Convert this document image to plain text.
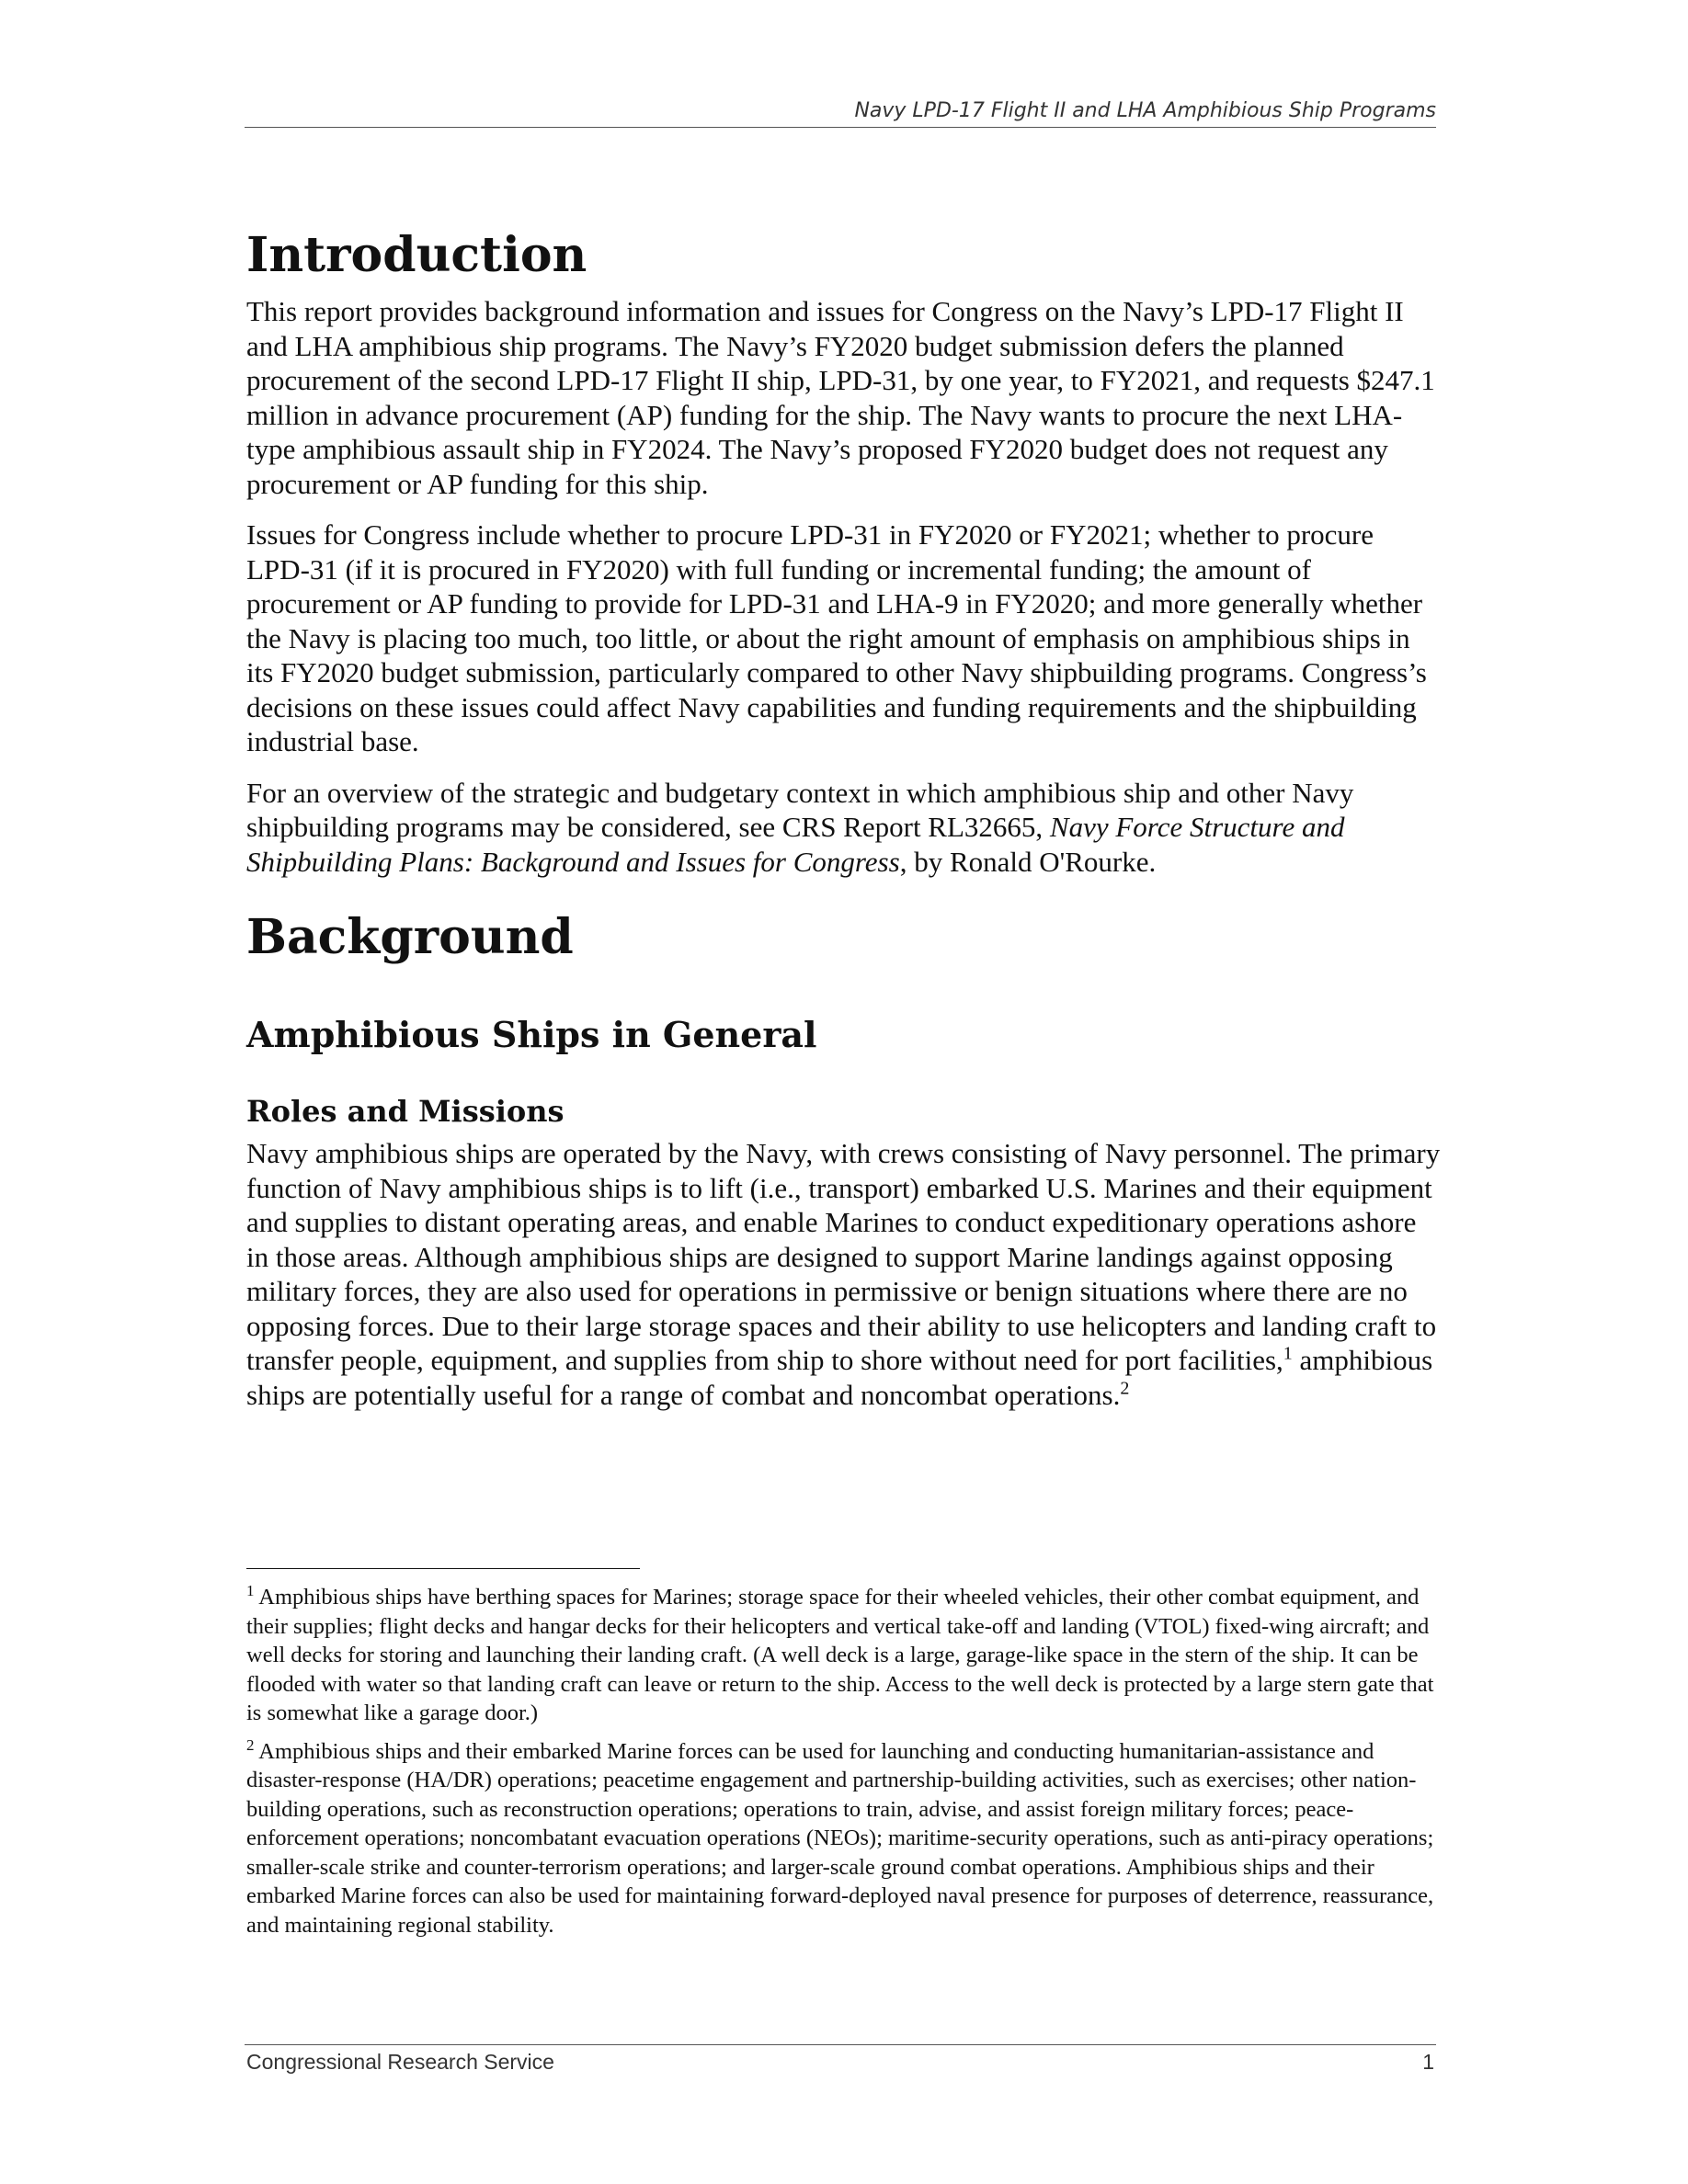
Navy LPD-17 Flight II and LHA Amphibious Ship Programs
Introduction

This report provides background information and issues for Congress on the Navy’s LPD-17 Flight II and LHA amphibious ship programs. The Navy’s FY2020 budget submission defers the planned procurement of the second LPD-17 Flight II ship, LPD-31, by one year, to FY2021, and requests $247.1 million in advance procurement (AP) funding for the ship. The Navy wants to procure the next LHA-type amphibious assault ship in FY2024. The Navy’s proposed FY2020 budget does not request any procurement or AP funding for this ship.

Issues for Congress include whether to procure LPD-31 in FY2020 or FY2021; whether to procure LPD-31 (if it is procured in FY2020) with full funding or incremental funding; the amount of procurement or AP funding to provide for LPD-31 and LHA-9 in FY2020; and more generally whether the Navy is placing too much, too little, or about the right amount of emphasis on amphibious ships in its FY2020 budget submission, particularly compared to other Navy shipbuilding programs. Congress’s decisions on these issues could affect Navy capabilities and funding requirements and the shipbuilding industrial base.

For an overview of the strategic and budgetary context in which amphibious ship and other Navy shipbuilding programs may be considered, see CRS Report RL32665, Navy Force Structure and Shipbuilding Plans: Background and Issues for Congress, by Ronald O'Rourke.

Background
Amphibious Ships in General
Roles and Missions

Navy amphibious ships are operated by the Navy, with crews consisting of Navy personnel. The primary function of Navy amphibious ships is to lift (i.e., transport) embarked U.S. Marines and their equipment and supplies to distant operating areas, and enable Marines to conduct expeditionary operations ashore in those areas. Although amphibious ships are designed to support Marine landings against opposing military forces, they are also used for operations in permissive or benign situations where there are no opposing forces. Due to their large storage spaces and their ability to use helicopters and landing craft to transfer people, equipment, and supplies from ship to shore without need for port facilities,$^1$ amphibious ships are potentially useful for a range of combat and noncombat operations.$^2$

$^1$ Amphibious ships have berthing spaces for Marines; storage space for their wheeled vehicles, their other combat equipment, and their supplies; flight decks and hangar decks for their helicopters and vertical take-off and landing (VTOL) fixed-wing aircraft; and well decks for storing and launching their landing craft. (A well deck is a large, garage-like space in the stern of the ship. It can be flooded with water so that landing craft can leave or return to the ship. Access to the well deck is protected by a large stern gate that is somewhat like a garage door.)

$^2$ Amphibious ships and their embarked Marine forces can be used for launching and conducting humanitarian-assistance and disaster-response (HA/DR) operations; peacetime engagement and partnership-building activities, such as exercises; other nation-building operations, such as reconstruction operations; operations to train, advise, and assist foreign military forces; peace-enforcement operations; noncombatant evacuation operations (NEOs); maritime-security operations, such as anti-piracy operations; smaller-scale strike and counter-terrorism operations; and larger-scale ground combat operations. Amphibious ships and their embarked Marine forces can also be used for maintaining forward-deployed naval presence for purposes of deterrence, reassurance, and maintaining regional stability.

Congressional Research Service	1
